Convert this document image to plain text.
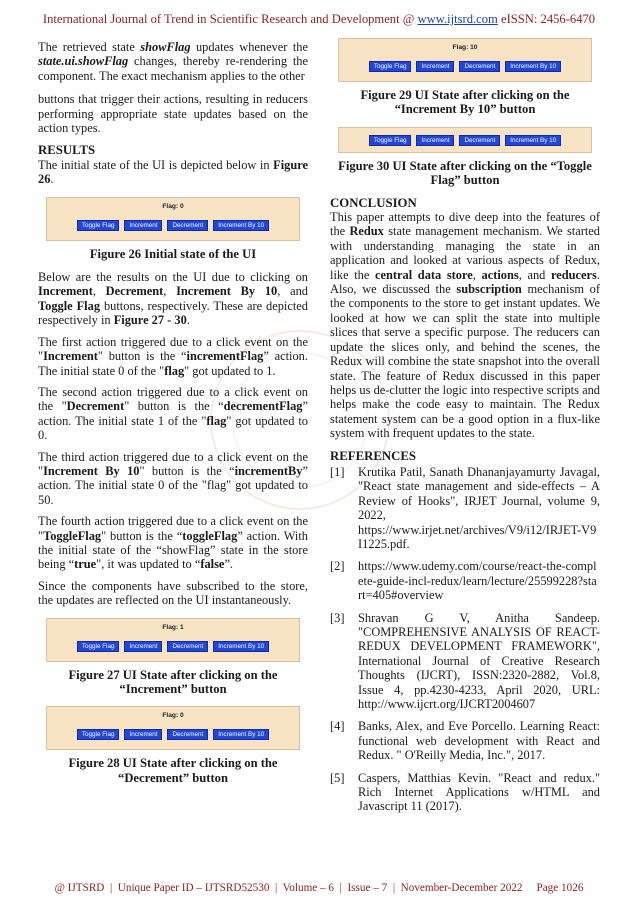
International Journal of Trend in Scientific Research and Development @ www.ijtsrd.com eISSN: 2456-6470

The retrieved state showFlag updates whenever the state.ui.showFlag changes, thereby re-rendering the component. The exact mechanism applies to the other

buttons that trigger their actions, resulting in reducers performing appropriate state updates based on the action types.

RESULTS

The initial state of the UI is depicted below in Figure 26.

Flag: 0
Toggle Flag	Increment	Decrement	Increment By 10
Figure 26 Initial state of the UI

Below are the results on the UI due to clicking on Increment, Decrement, Increment By 10, and Toggle Flag buttons, respectively. These are depicted respectively in Figure 27 - 30.

The first action triggered due to a click event on the "Increment" button is the “incrementFlag” action. The initial state 0 of the "flag" got updated to 1.

The second action triggered due to a click event on the "Decrement" button is the “decrementFlag” action. The initial state 1 of the "flag" got updated to 0.

The third action triggered due to a click event on the "Increment By 10" button is the “incrementBy” action. The initial state 0 of the "flag" got updated to 50.

The fourth action triggered due to a click event on the "ToggleFlag" button is the “toggleFlag” action. With the initial state of the “showFlag” state in the store being “true", it was updated to “false”.

Since the components have subscribed to the store, the updates are reflected on the UI instantaneously.

Flag: 1
Toggle Flag	Increment	Decrement	Increment By 10
Figure 27 UI State after clicking on the “Increment” button
Flag: 0
Toggle Flag	Increment	Decrement	Increment By 10
Figure 28 UI State after clicking on the “Decrement” button
Flag: 10
Toggle Flag	Increment	Decrement	Increment By 10
Figure 29 UI State after clicking on the “Increment By 10” button
Toggle Flag	Increment	Decrement	Increment By 10
Figure 30 UI State after clicking on the “Toggle Flag” button
CONCLUSION

This paper attempts to dive deep into the features of the Redux state management mechanism. We started with understanding managing the state in an application and looked at various aspects of Redux, like the central data store, actions, and reducers. Also, we discussed the subscription mechanism of the components to the store to get instant updates. We looked at how we can split the state into multiple slices that serve a specific purpose. The reducers can update the slices only, and behind the scenes, the Redux will combine the state snapshot into the overall state. The feature of Redux discussed in this paper helps us de-clutter the logic into respective scripts and helps make the code easy to maintain. The Redux statement system can be a good option in a flux-like system with frequent updates to the state.

REFERENCES
[1]	Krutika Patil, Sanath Dhananjayamurty Javagal, "React state management and side-effects – A Review of Hooks", IRJET Journal, volume 9, 2022,
https://www.irjet.net/archives/V9/i12/IRJET-V9I1225.pdf.
[2]	https://www.udemy.com/course/react-the-complete-guide-incl-redux/learn/lecture/25599228?start=405#overview
[3]	Shravan G V, Anitha Sandeep. "COMPREHENSIVE ANALYSIS OF REACT-REDUX DEVELOPMENT FRAMEWORK", International Journal of Creative Research Thoughts (IJCRT), ISSN:2320-2882, Vol.8, Issue 4, pp.4230-4233, April 2020, URL: http://www.ijcrt.org/IJCRT2004607
[4]	Banks, Alex, and Eve Porcello. Learning React: functional web development with React and Redux. " O'Reilly Media, Inc.", 2017.
[5]	Caspers, Matthias Kevin. "React and redux." Rich Internet Applications w/HTML and Javascript 11 (2017).
@ IJTSRD  |  Unique Paper ID – IJTSRD52530  |  Volume – 6  |  Issue – 7  |  November-December 2022     Page 1026
